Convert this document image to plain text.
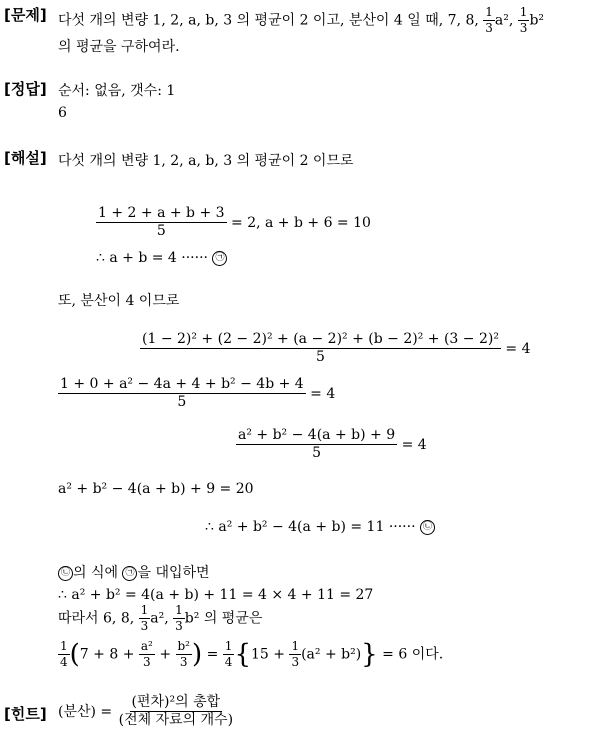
[문제] 다섯 개의 변량 1, 2, a, b, 3 의 평균이 2 이고, 분산이 4 일 때, 7, 8, $\frac{1}{3} a^2$, $\frac{1}{3} b^2$
의 평균을 구하여라.
[정답] 순서: 없음, 갯수: 1
6
[해설] 다섯 개의 변량 1, 2, a, b, 3 의 평균이 2 이므로
$\frac{1 + 2 + a + b + 3}{5} = 2$, a + b + 6 = 10
∴ a + b = 4 ······ ㉠
또, 분산이 4 이므로
$\frac{\text{(1 − 2)² + (2 − 2)² + (a − 2)² + (b − 2)² + (3 − 2)²}}{5} = 4$
$\frac{\text{1 + 0 + a² − 4a + 4 + b² − 4b + 4}}{5} = 4$
$\frac{\text{a² + b² − 4(a + b) + 9}}{5} = 4$
a² + b² − 4(a + b) + 9 = 20
∴ a² + b² − 4(a + b) = 11 ······ ㉡
㉡ 의 식에 ㉠ 을 대입하면
∴ a² + b² = 4(a + b) + 11 = 4 × 4 + 11 = 27
따라서 6, 8, $\frac{1}{3} a^2$, $\frac{1}{3} b^2$ 의 평균은
$\frac{1}{4} (7 + 8 + \frac{\text{a²}}{3} + \frac{\text{b²}}{3}$ ) = $\frac{1}{4} \{15 + \frac{1}{3} (a^2 + b^2)\} = 6$ 이다.
[힌트] (분산) = $\frac{\text{(편차)²의 총합}}{\text{(전체 자료의 개수)}}$
